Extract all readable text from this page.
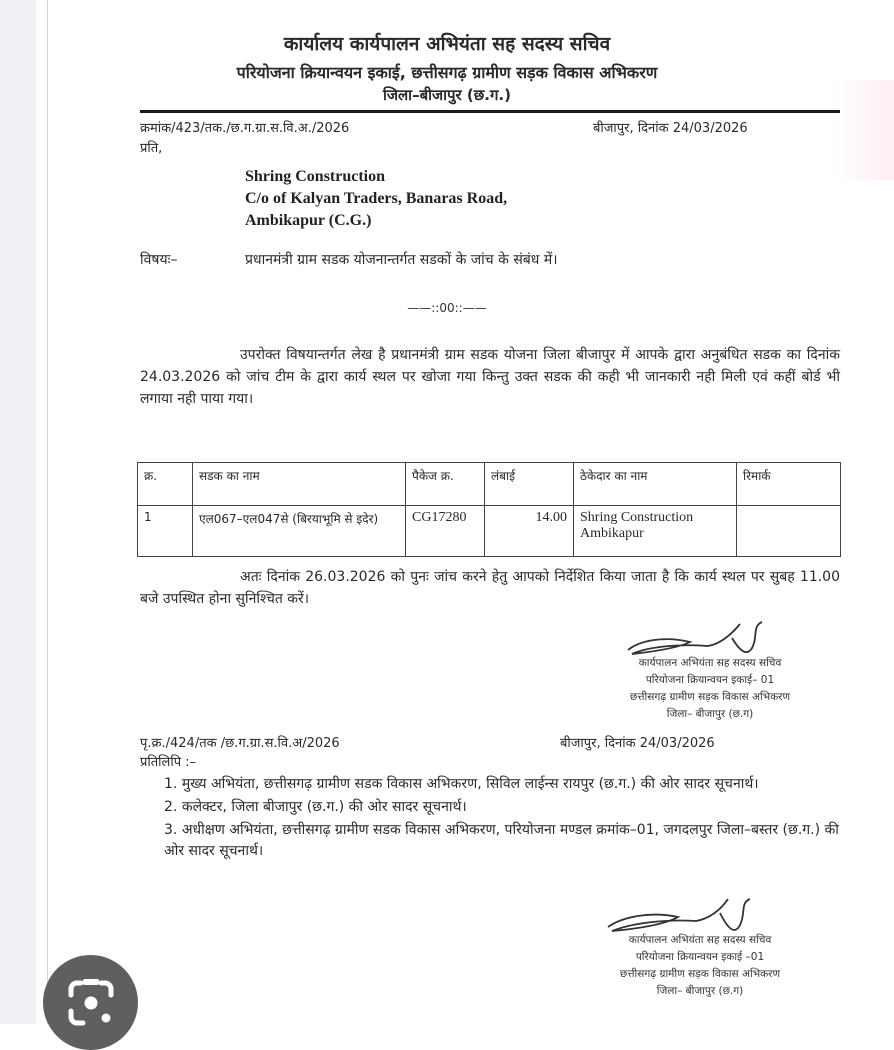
कार्यालय कार्यपालन अभियंता सह सदस्य सचिव
परियोजना क्रियान्वयन इकाई, छत्तीसगढ़ ग्रामीण सड़क विकास अभिकरण
जिला–बीजापुर (छ.ग.)
क्रमांक/423/तक./छ.ग.ग्रा.स.वि.अ./2026	बीजापुर, दिनांक 24/03/2026
प्रति,
Shring Construction
C/o of Kalyan Traders, Banaras Road,
Ambikapur (C.G.)
विषयः–	प्रधानमंत्री ग्राम सडक योजनान्तर्गत सडकों के जांच के संबंध में।
——::00::——
उपरोक्त विषयान्तर्गत लेख है प्रधानमंत्री ग्राम सडक योजना जिला बीजापुर में आपके द्वारा अनुबंधित सडक का दिनांक 24.03.2026 को जांच टीम के द्वारा कार्य स्थल पर खोजा गया किन्तु उक्त सडक की कही भी जानकारी नही मिली एवं कहीं बोर्ड भी लगाया नही पाया गया।
क्र.	सडक का नाम	पैकेज क्र.	लंबाई	ठेकेदार का नाम	रिमार्क
1	एल067–एल047से (बिरयाभूमि से इदेर)	CG17280	14.00	Shring Construction Ambikapur	
अतः दिनांक 26.03.2026 को पुनः जांच करने हेतु आपको निर्देशित किया जाता है कि कार्य स्थल पर सुबह 11.00 बजे उपस्थित होना सुनिश्चित करें।
कार्यपालन अभियंता सह सदस्य सचिव
परियोजना क्रियान्वयन इकाई– 01
छत्तीसगढ़ ग्रामीण सड़क विकास अभिकरण
जिला– बीजापुर (छ.ग)
पृ.क्र./424/तक /छ.ग.ग्रा.स.वि.अ/2026	बीजापुर, दिनांक 24/03/2026
प्रतिलिपि :–
1. मुख्य अभियंता, छत्तीसगढ़ ग्रामीण सडक विकास अभिकरण, सिविल लाईन्स रायपुर (छ.ग.) की ओर सादर सूचनार्थ।
2. कलेक्टर, जिला बीजापुर (छ.ग.) की ओर सादर सूचनार्थ।
3. अधीक्षण अभियंता, छत्तीसगढ़ ग्रामीण सडक विकास अभिकरण, परियोजना मण्डल क्रमांक–01, जगदलपुर जिला–बस्तर (छ.ग.) की ओर सादर सूचनार्थ।
कार्यपालन अभियंता सह सदस्य सचिव
परियोजना क्रियान्वयन इकाई –01
छत्तीसगढ़ ग्रामीण सड़क विकास अभिकरण
जिला– बीजापुर (छ.ग)
